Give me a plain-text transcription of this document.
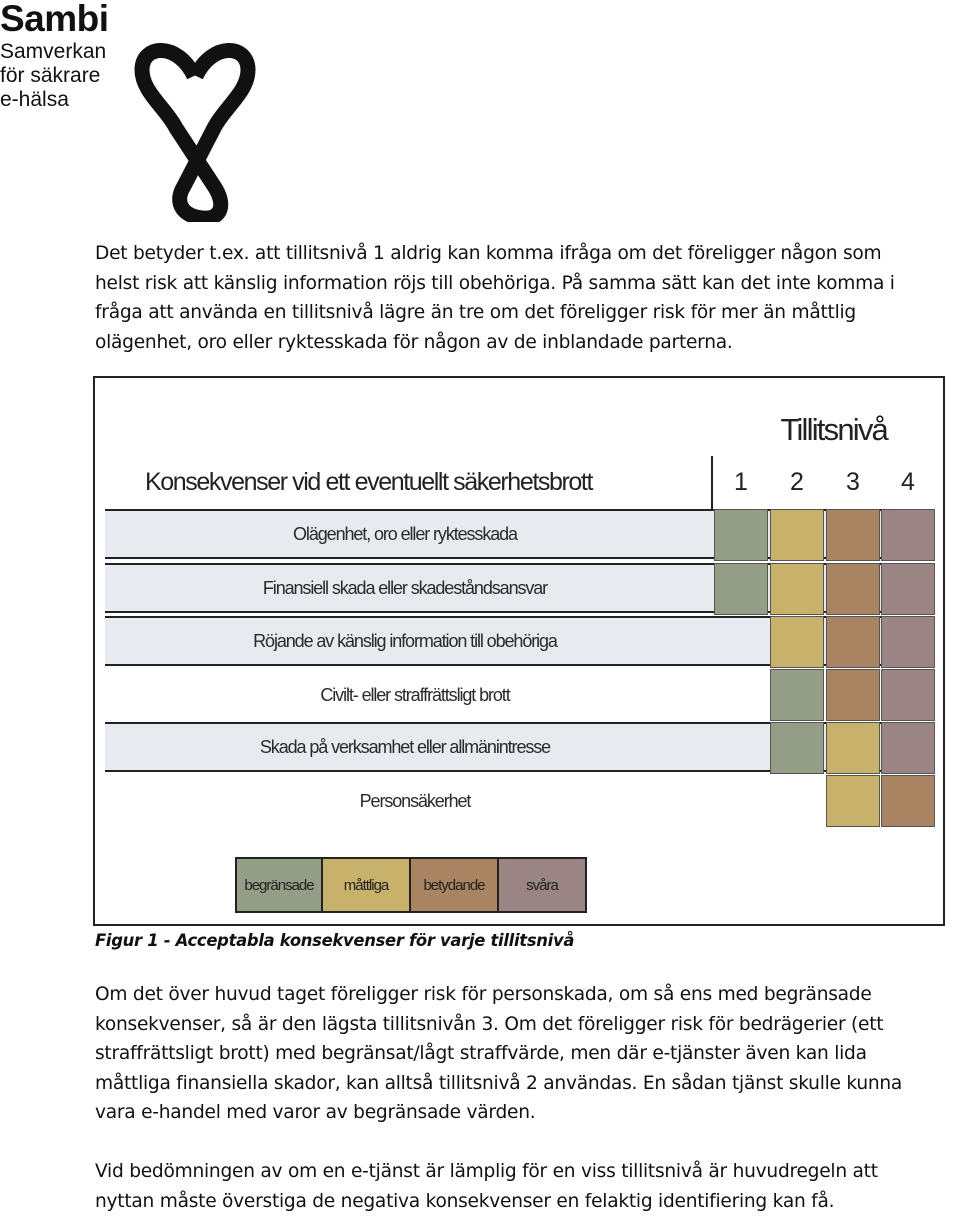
Sambi
Samverkan
för säkrare
e-hälsa

Det betyder t.ex. att tillitsnivå 1 aldrig kan komma ifråga om det föreligger någon som
helst risk att känslig information röjs till obehöriga. På samma sätt kan det inte komma i
fråga att använda en tillitsnivå lägre än tre om det föreligger risk för mer än måttlig
olägenhet, oro eller ryktesskada för någon av de inblandade parterna.

Tillitsnivå
Konsekvenser vid ett eventuellt säkerhetsbrott	1	2	3	4
Olägenhet, oro eller ryktesskada
Finansiell skada eller skadeståndsansvar
Röjande av känslig information till obehöriga
Civilt- eller straffrättsligt brott
Skada på verksamhet eller allmänintresse
Personsäkerhet
begränsade	måttliga	betydande	svåra

Figur 1 - Acceptabla konsekvenser för varje tillitsnivå

Om det över huvud taget föreligger risk för personskada, om så ens med begränsade
konsekvenser, så är den lägsta tillitsnivån 3. Om det föreligger risk för bedrägerier (ett
straffrättsligt brott) med begränsat/lågt straffvärde, men där e-tjänster även kan lida
måttliga finansiella skador, kan alltså tillitsnivå 2 användas. En sådan tjänst skulle kunna
vara e-handel med varor av begränsade värden.

Vid bedömningen av om en e-tjänst är lämplig för en viss tillitsnivå är huvudregeln att
nyttan måste överstiga de negativa konsekvenser en felaktig identifiering kan få.
